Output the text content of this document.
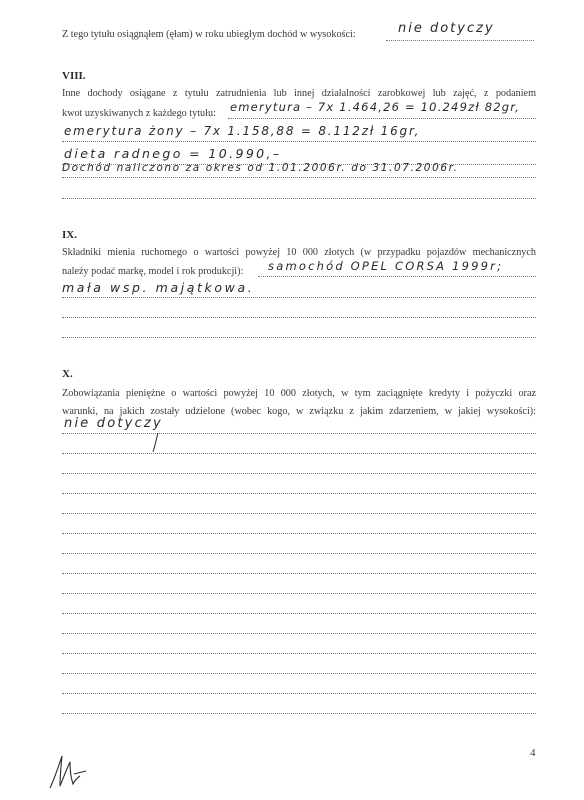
Z tego tytułu osiągnąłem (ęłam) w roku ubiegłym dochód w wysokości:	nie dotyczy
VIII.
Inne dochody osiągane z tytułu zatrudnienia lub innej działalności zarobkowej lub zajęć, z podaniem
kwot uzyskiwanych z każdego tytułu: emerytura – 7x 1.464,26 = 10.249zł 82gr,
emerytura żony – 7x 1.158,88 = 8.112zł 16gr,
dieta radnego = 10.990,–
Dochód naliczono za okres od 1.01.2006r. do 31.07.2006r.
IX.
Składniki mienia ruchomego o wartości powyżej 10 000 złotych (w przypadku pojazdów mechanicznych
należy podać markę, model i rok produkcji): samochód OPEL CORSA 1999r;
mała wsp. majątkowa.
X.
Zobowiązania pieniężne o wartości powyżej 10 000 złotych, w tym zaciągnięte kredyty i pożyczki oraz
warunki, na jakich zostały udzielone (wobec kogo, w związku z jakim zdarzeniem, w jakiej wysokości):
nie dotyczy
4
